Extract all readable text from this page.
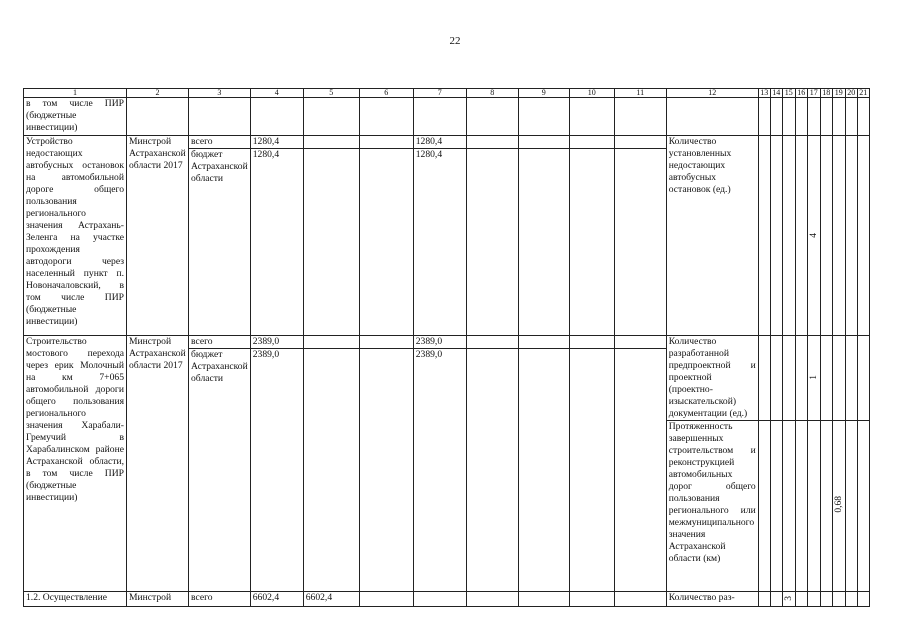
22
1	2	3	4	5	6	7	8	9	10	11	12	13	14	15	16	17	18	19	20	21
в том числе ПИР (бюджетные инвестиции)																				
Устройство недостающих автобусных остановок на автомобильной дороге общего пользования регионального значения Астрахань-Зеленга на участке прохождения автодороги через населенный пункт п. Новоначаловский, в том числе ПИР (бюджетные инвестиции)	Минстрой Астраханской области 2017	всего	1280,4			1280,4					Количество установленных недостающих автобусных остановок (ед.)					4				
		бюджет Астраханской области	1280,4			1280,4														
Строительство мостового перехода через ерик Молочный на км 7+065 автомобильной дороги общего пользования регионального значения Харабали-Гремучий в Харабалинском районе Астраханской области, в том числе ПИР (бюджетные инвестиции)	Минстрой Астраханской области 2017	всего	2389,0			2389,0					Количество разработанной предпроектной и проектной (проектно-изыскательской) документации (ед.)					1				
		бюджет Астраханской области	2389,0			2389,0														
											Протяженность завершенных строительством и реконструкцией автомобильных дорог общего пользования регионального или межмуниципального значения Астраханской области (км)							0,68		
1.2. Осуществление	Минстрой	всего	6602,4	6602,4							Количество раз-			3						
